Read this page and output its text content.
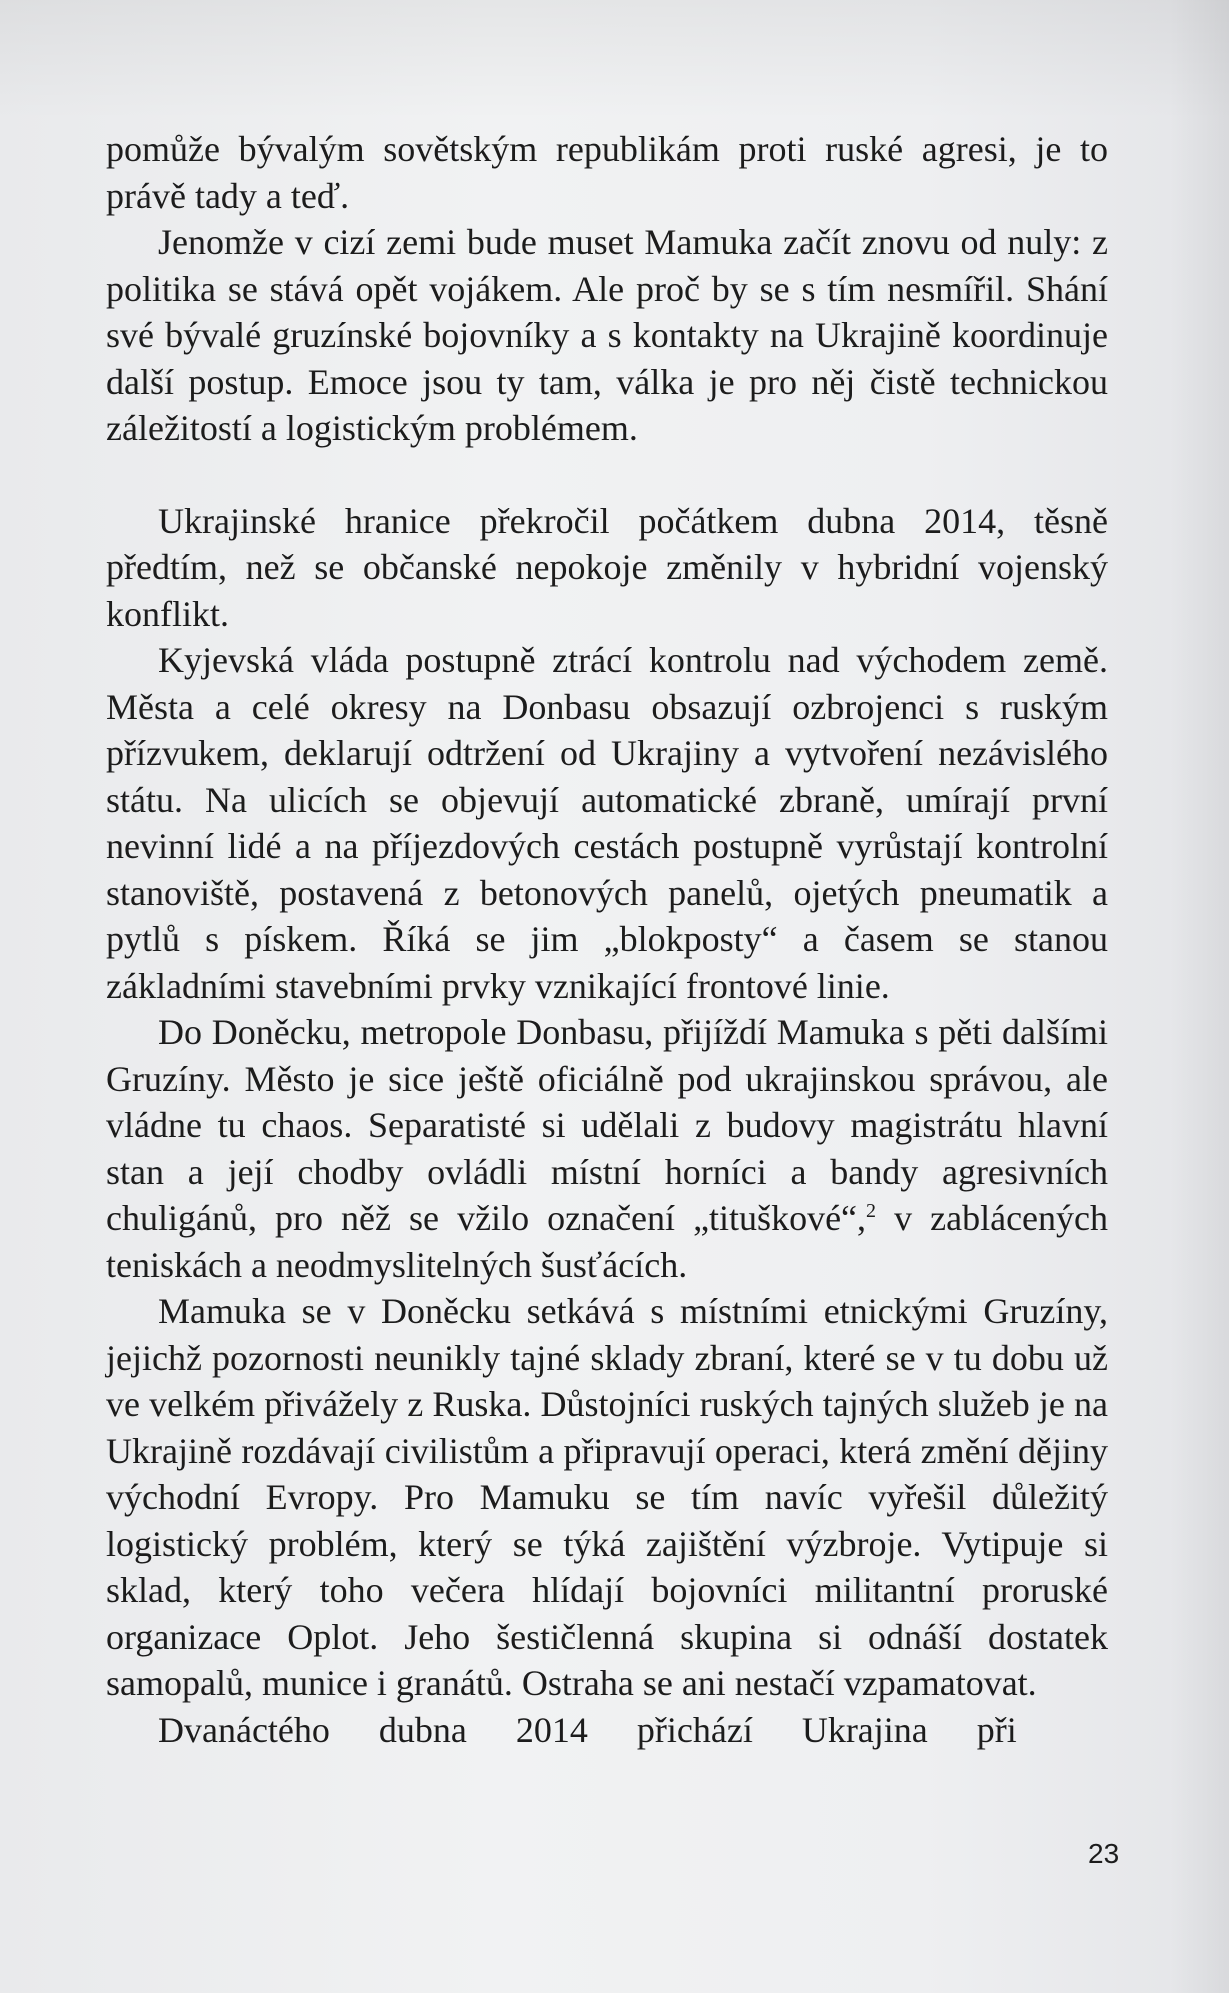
pomůže bývalým sovětským republikám proti ruské agresi, je to právě tady a teď.

Jenomže v cizí zemi bude muset Mamuka začít znovu od nuly: z politika se stává opět vojákem. Ale proč by se s tím nesmířil. Shání své bývalé gruzínské bojovníky a s kontakty na Ukrajině koordinuje další postup. Emoce jsou ty tam, válka je pro něj čistě technickou záležitostí a logistickým problémem.

Ukrajinské hranice překročil počátkem dubna 2014, těsně předtím, než se občanské nepokoje změnily v hybridní vojenský konflikt.

Kyjevská vláda postupně ztrácí kontrolu nad východem země. Města a celé okresy na Donbasu obsazují ozbrojenci s ruským přízvukem, deklarují odtržení od Ukrajiny a vytvoření nezávislého státu. Na ulicích se objevují automatické zbraně, umírají první nevinní lidé a na příjezdových cestách postupně vyrůstají kontrolní stanoviště, postavená z betonových panelů, ojetých pneumatik a pytlů s pískem. Říká se jim „blokposty“ a časem se stanou základními stavebními prvky vznikající frontové linie.

Do Doněcku, metropole Donbasu, přijíždí Mamuka s pěti dalšími Gruzíny. Město je sice ještě oficiálně pod ukrajinskou správou, ale vládne tu chaos. Separatisté si udělali z budovy magistrátu hlavní stan a její chodby ovládli místní horníci a bandy agresivních chuligánů, pro něž se vžilo označení „tituškové“,$^2$ v zablácených teniskách a neodmyslitelných šusťácích.

Mamuka se v Doněcku setkává s místními etnickými Gruzíny, jejichž pozornosti neunikly tajné sklady zbraní, které se v tu dobu už ve velkém přivážely z Ruska. Důstojníci ruských tajných služeb je na Ukrajině rozdávají civilistům a připravují operaci, která změní dějiny východní Evropy. Pro Mamuku se tím navíc vyřešil důležitý logistický problém, který se týká zajištění výzbroje. Vytipuje si sklad, který toho večera hlídají bojovníci militantní proruské organizace Oplot. Jeho šestičlenná skupina si odnáší dostatek samopalů, munice i granátů. Ostraha se ani nestačí vzpamatovat.

Dvanáctého dubna 2014 přichází Ukrajina při

23
